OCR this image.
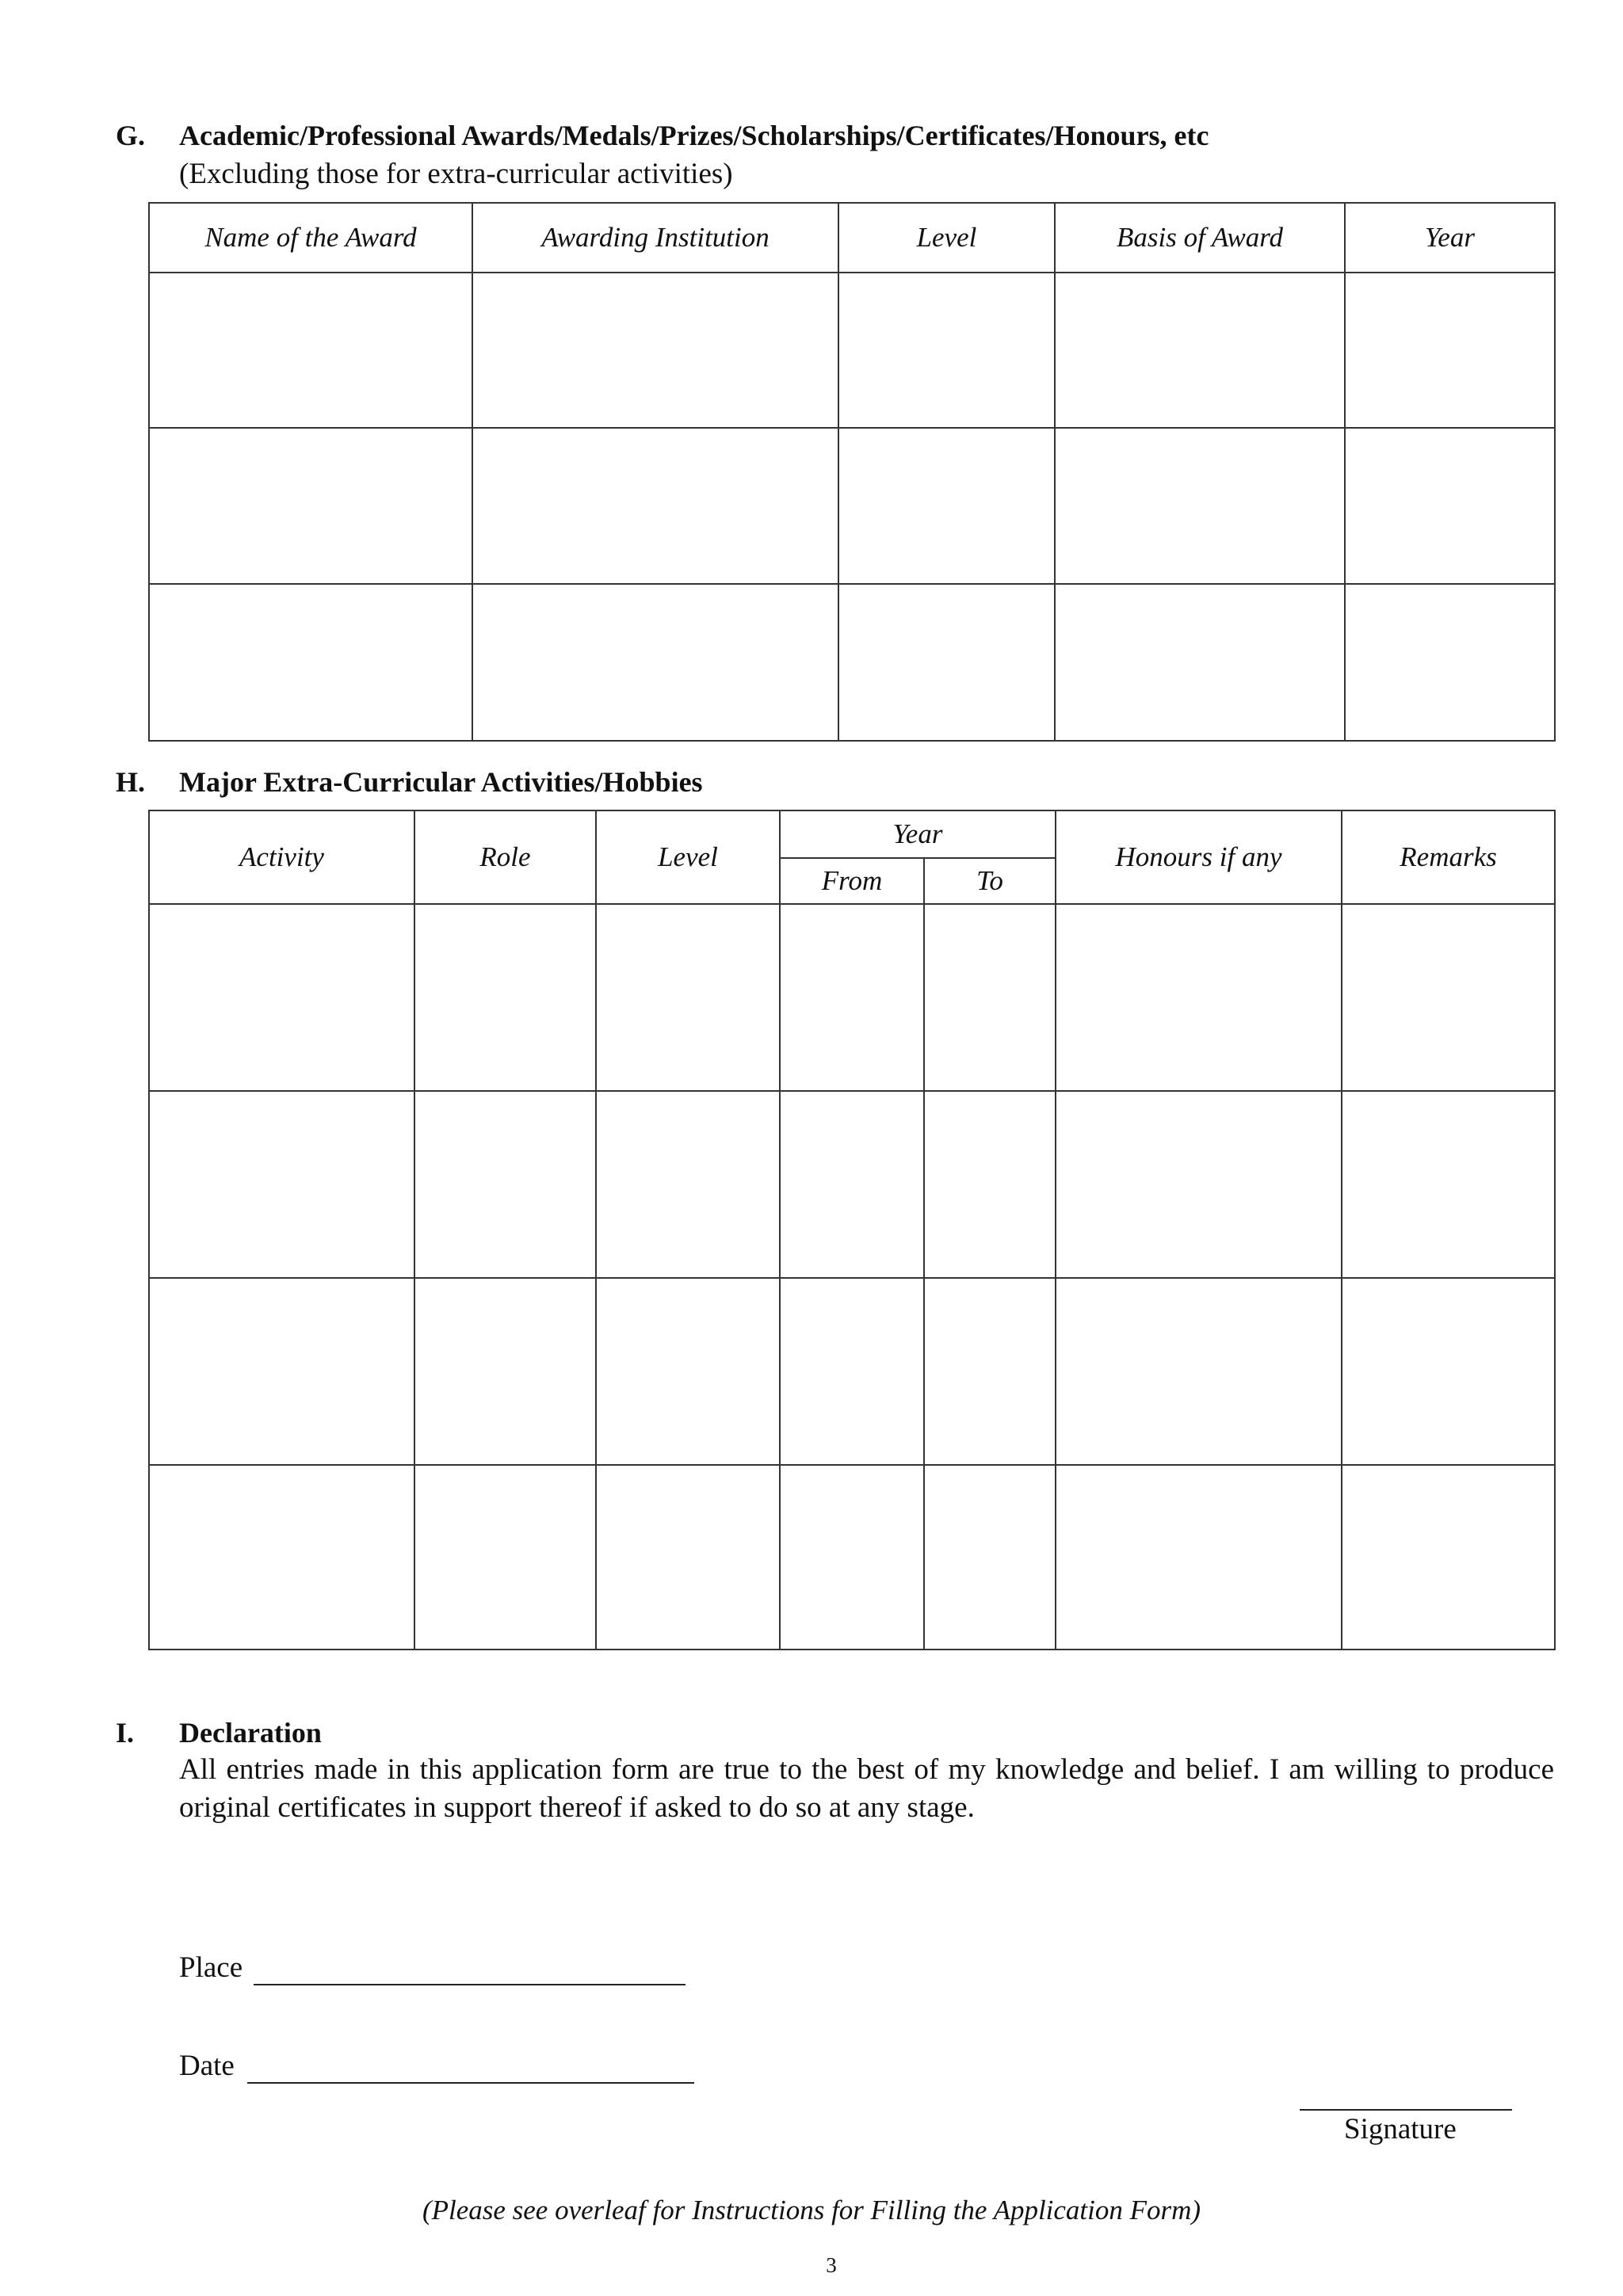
G. Academic/Professional Awards/Medals/Prizes/Scholarships/Certificates/Honours, etc
(Excluding those for extra-curricular activities)
Name of the Award	Awarding Institution	Level	Basis of Award	Year

H. Major Extra-Curricular Activities/Hobbies
Activity	Role	Level	Year		Honours if any	Remarks
			From	To		

I. Declaration
All entries made in this application form are true to the best of my knowledge and belief. I am willing to produce original certificates in support thereof if asked to do so at any stage.
Place
Date
Signature
(Please see overleaf for Instructions for Filling the Application Form)
3
